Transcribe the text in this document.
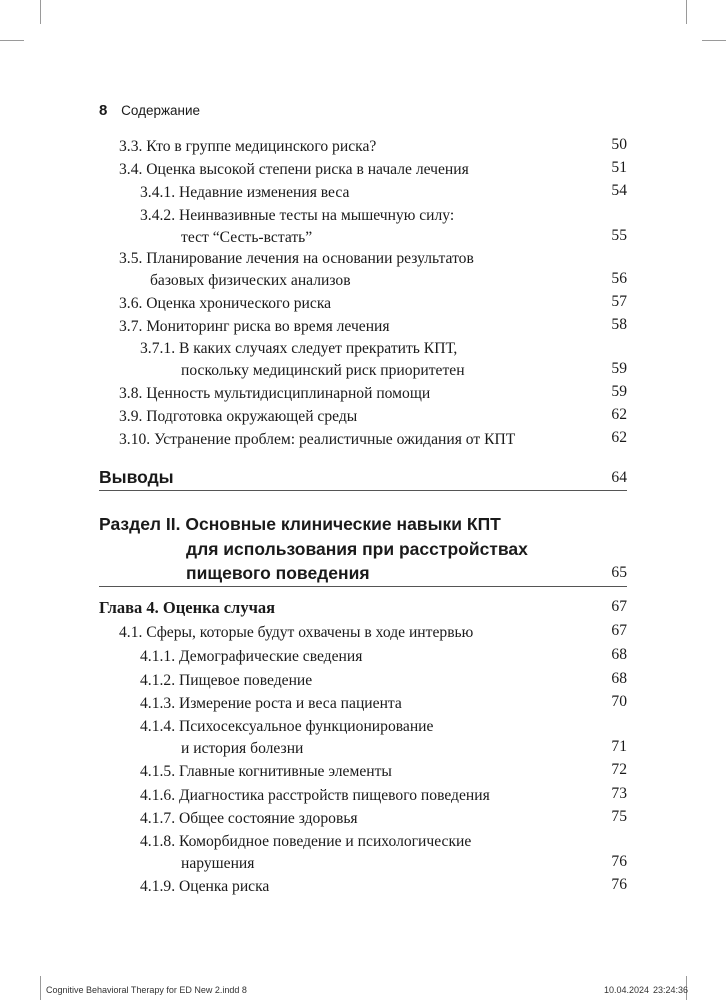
8 Содержание
3.3. Кто в группе медицинского риска?	50
3.4. Оценка высокой степени риска в начале лечения	51
3.4.1. Недавние изменения веса	54
3.4.2. Неинвазивные тесты на мышечную силу:
тест “Сесть-встать”	55
3.5. Планирование лечения на основании результатов
базовых физических анализов	56
3.6. Оценка хронического риска	57
3.7. Мониторинг риска во время лечения	58
3.7.1. В каких случаях следует прекратить КПТ,
поскольку медицинский риск приоритетен	59
3.8. Ценность мультидисциплинарной помощи	59
3.9. Подготовка окружающей среды	62
3.10. Устранение проблем: реалистичные ожидания от КПТ	62
Выводы	64
Раздел II. Основные клинические навыки КПТ
для использования при расстройствах
пищевого поведения	65
Глава 4. Оценка случая	67
4.1. Сферы, которые будут охвачены в ходе интервью	67
4.1.1. Демографические сведения	68
4.1.2. Пищевое поведение	68
4.1.3. Измерение роста и веса пациента	70
4.1.4. Психосексуальное функционирование
и история болезни	71
4.1.5. Главные когнитивные элементы	72
4.1.6. Диагностика расстройств пищевого поведения	73
4.1.7. Общее состояние здоровья	75
4.1.8. Коморбидное поведение и психологические
нарушения	76
4.1.9. Оценка риска	76
Cognitive Behavioral Therapy for ED New 2.indd 8	10.04.2024 23:24:36
